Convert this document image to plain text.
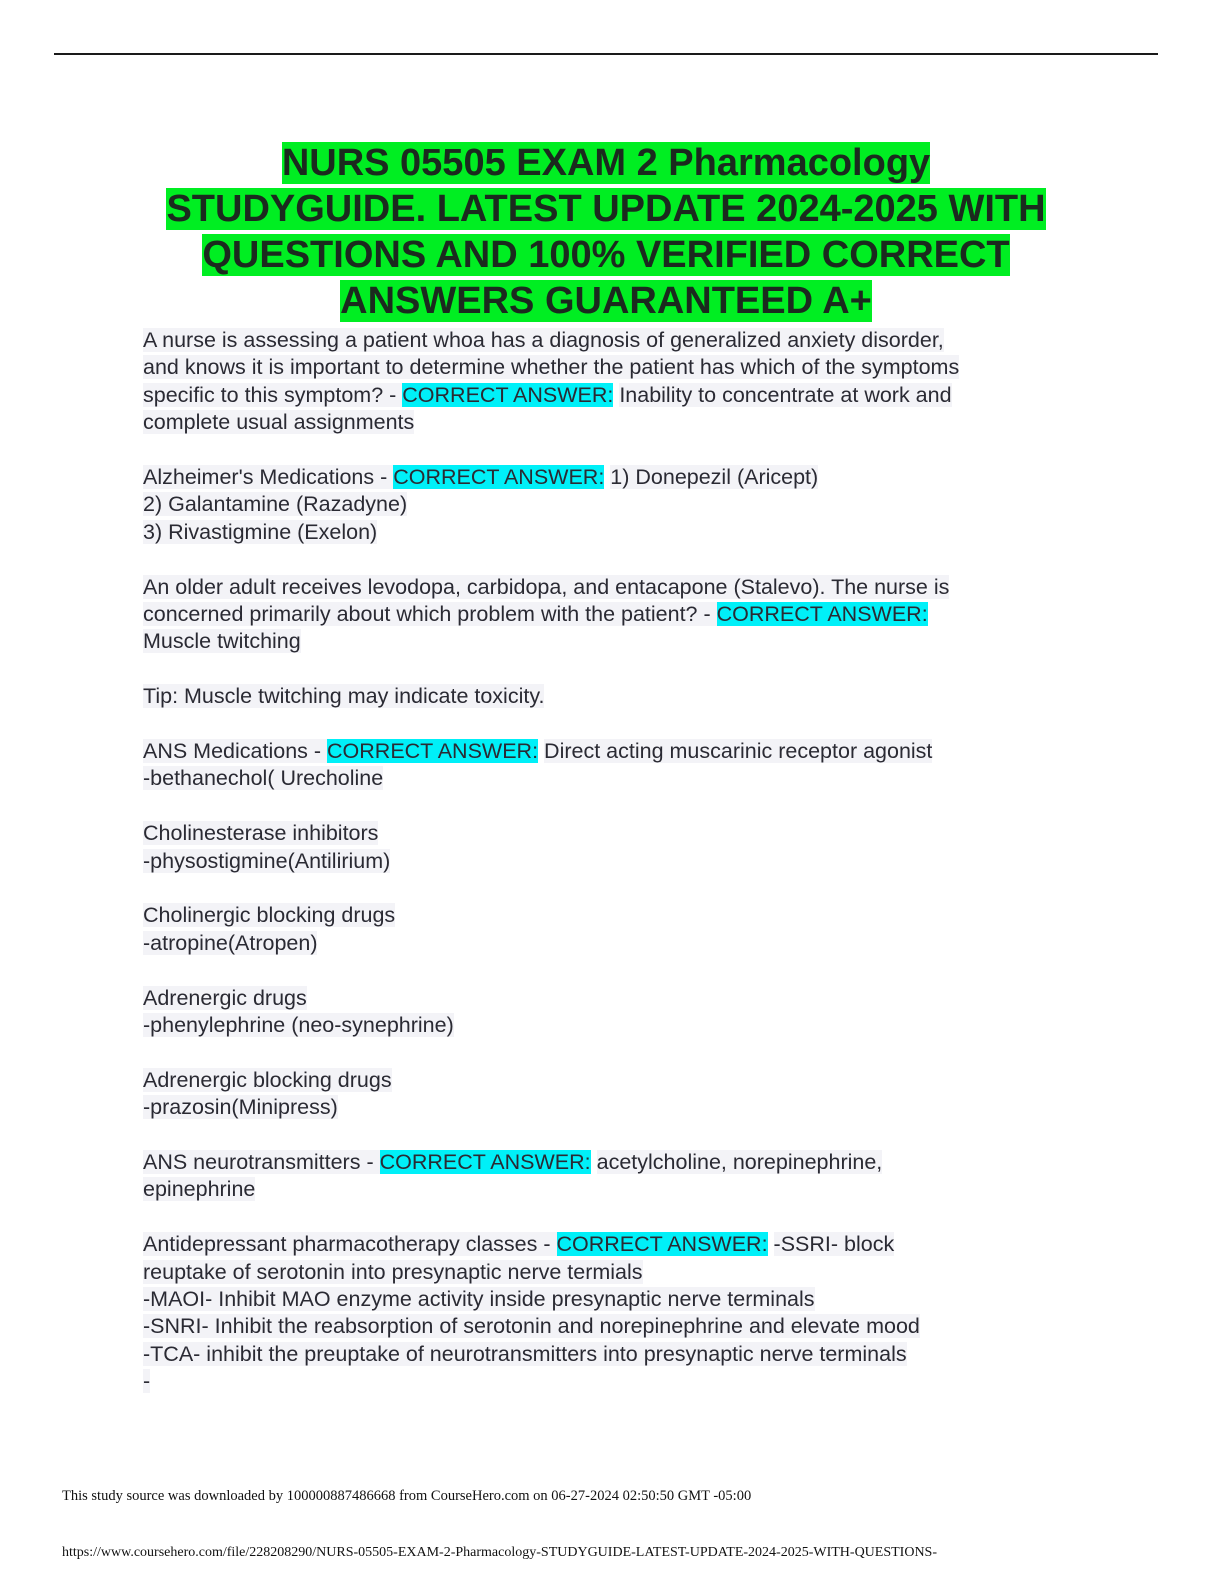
NURS 05505 EXAM 2 Pharmacology
STUDYGUIDE. LATEST UPDATE 2024-2025 WITH
QUESTIONS AND 100% VERIFIED CORRECT
ANSWERS GUARANTEED A+
A nurse is assessing a patient whoa has a diagnosis of generalized anxiety disorder,
and knows it is important to determine whether the patient has which of the symptoms
specific to this symptom? - CORRECT ANSWER: Inability to concentrate at work and
complete usual assignments
Alzheimer's Medications - CORRECT ANSWER: 1) Donepezil (Aricept)
2) Galantamine (Razadyne)
3) Rivastigmine (Exelon)
An older adult receives levodopa, carbidopa, and entacapone (Stalevo). The nurse is
concerned primarily about which problem with the patient? - CORRECT ANSWER:
Muscle twitching
Tip: Muscle twitching may indicate toxicity.
ANS Medications - CORRECT ANSWER: Direct acting muscarinic receptor agonist
-bethanechol( Urecholine
Cholinesterase inhibitors
-physostigmine(Antilirium)
Cholinergic blocking drugs
-atropine(Atropen)
Adrenergic drugs
-phenylephrine (neo-synephrine)
Adrenergic blocking drugs
-prazosin(Minipress)
ANS neurotransmitters - CORRECT ANSWER: acetylcholine, norepinephrine,
epinephrine
Antidepressant pharmacotherapy classes - CORRECT ANSWER: -SSRI- block
reuptake of serotonin into presynaptic nerve termials
-MAOI- Inhibit MAO enzyme activity inside presynaptic nerve terminals
-SNRI- Inhibit the reabsorption of serotonin and norepinephrine and elevate mood
-TCA- inhibit the preuptake of neurotransmitters into presynaptic nerve terminals
-
This study source was downloaded by 100000887486668 from CourseHero.com on 06-27-2024 02:50:50 GMT -05:00
https://www.coursehero.com/file/228208290/NURS-05505-EXAM-2-Pharmacology-STUDYGUIDE-LATEST-UPDATE-2024-2025-WITH-QUESTIONS-
